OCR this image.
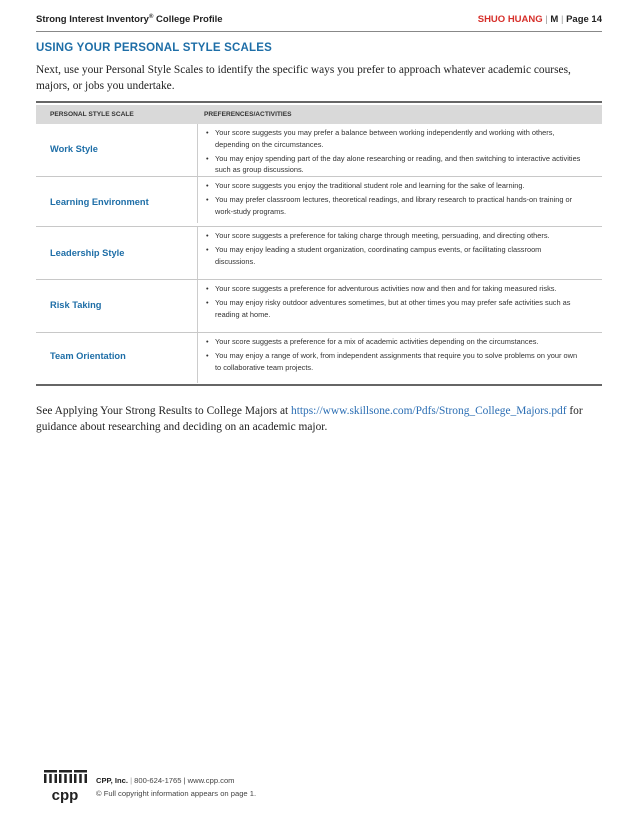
Strong Interest Inventory® College Profile	SHUO HUANG | M | Page 14
USING YOUR PERSONAL STYLE SCALES
Next, use your Personal Style Scales to identify the specific ways you prefer to approach whatever academic courses, majors, or jobs you undertake.
PERSONAL STYLE SCALE	PREFERENCES/ACTIVITIES
Work Style
• Your score suggests you may prefer a balance between working independently and working with others, depending on the circumstances.
• You may enjoy spending part of the day alone researching or reading, and then switching to interactive activities such as group discussions.
Learning Environment
• Your score suggests you enjoy the traditional student role and learning for the sake of learning.
• You may prefer classroom lectures, theoretical readings, and library research to practical hands-on training or work-study programs.
Leadership Style
• Your score suggests a preference for taking charge through meeting, persuading, and directing others.
• You may enjoy leading a student organization, coordinating campus events, or facilitating classroom discussions.
Risk Taking
• Your score suggests a preference for adventurous activities now and then and for taking measured risks.
• You may enjoy risky outdoor adventures sometimes, but at other times you may prefer safe activities such as reading at home.
Team Orientation
• Your score suggests a preference for a mix of academic activities depending on the circumstances.
• You may enjoy a range of work, from independent assignments that require you to solve problems on your own to collaborative team projects.
See Applying Your Strong Results to College Majors at https://www.skillsone.com/Pdfs/Strong_College_Majors.pdf for guidance about researching and deciding on an academic major.
cpp
CPP, Inc. | 800-624-1765 | www.cpp.com
© Full copyright information appears on page 1.
